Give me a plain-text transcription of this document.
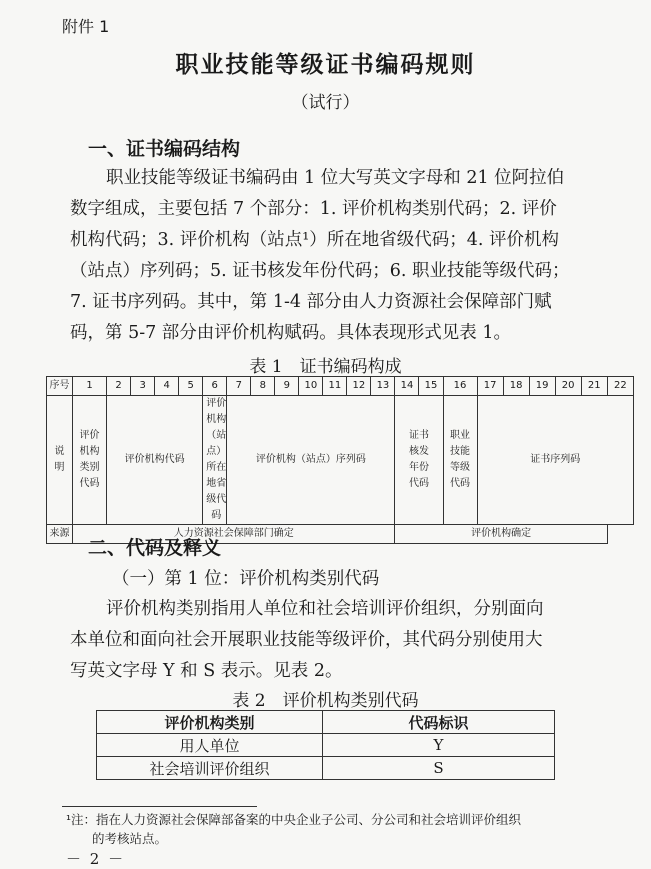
附件 1
职业技能等级证书编码规则
（试行）
一、证书编码结构
职业技能等级证书编码由 1 位大写英文字母和 21 位阿拉伯
数字组成，主要包括 7 个部分：1. 评价机构类别代码；2. 评价
机构代码；3. 评价机构（站点¹）所在地省级代码；4. 评价机构
（站点）序列码；5. 证书核发年份代码；6. 职业技能等级代码；
7. 证书序列码。其中，第 1-4 部分由人力资源社会保障部门赋
码，第 5-7 部分由评价机构赋码。具体表现形式见表 1。
表 1　证书编码构成
序号	1	2	3	4	5	6	7	8	9	10	11	12	13	14	15	16	17	18	19	20	21	22
说明	评价机构类别代码	评价机构代码				评价机构（站点）所在地省级代码	评价机构（站点）序列码							证书核发年份代码		职业技能等级代码	证书序列码					
来源	人力资源社会保障部门确定													评价机构确定								
二、代码及释义
（一）第 1 位：评价机构类别代码
评价机构类别指用人单位和社会培训评价组织，分别面向
本单位和面向社会开展职业技能等级评价，其代码分别使用大
写英文字母 Y 和 S 表示。见表 2。
表 2　评价机构类别代码
评价机构类别	代码标识
用人单位	Y
社会培训评价组织	S
¹注：指在人力资源社会保障部备案的中央企业子公司、分公司和社会培训评价组织
的考核站点。
－ 2 －
